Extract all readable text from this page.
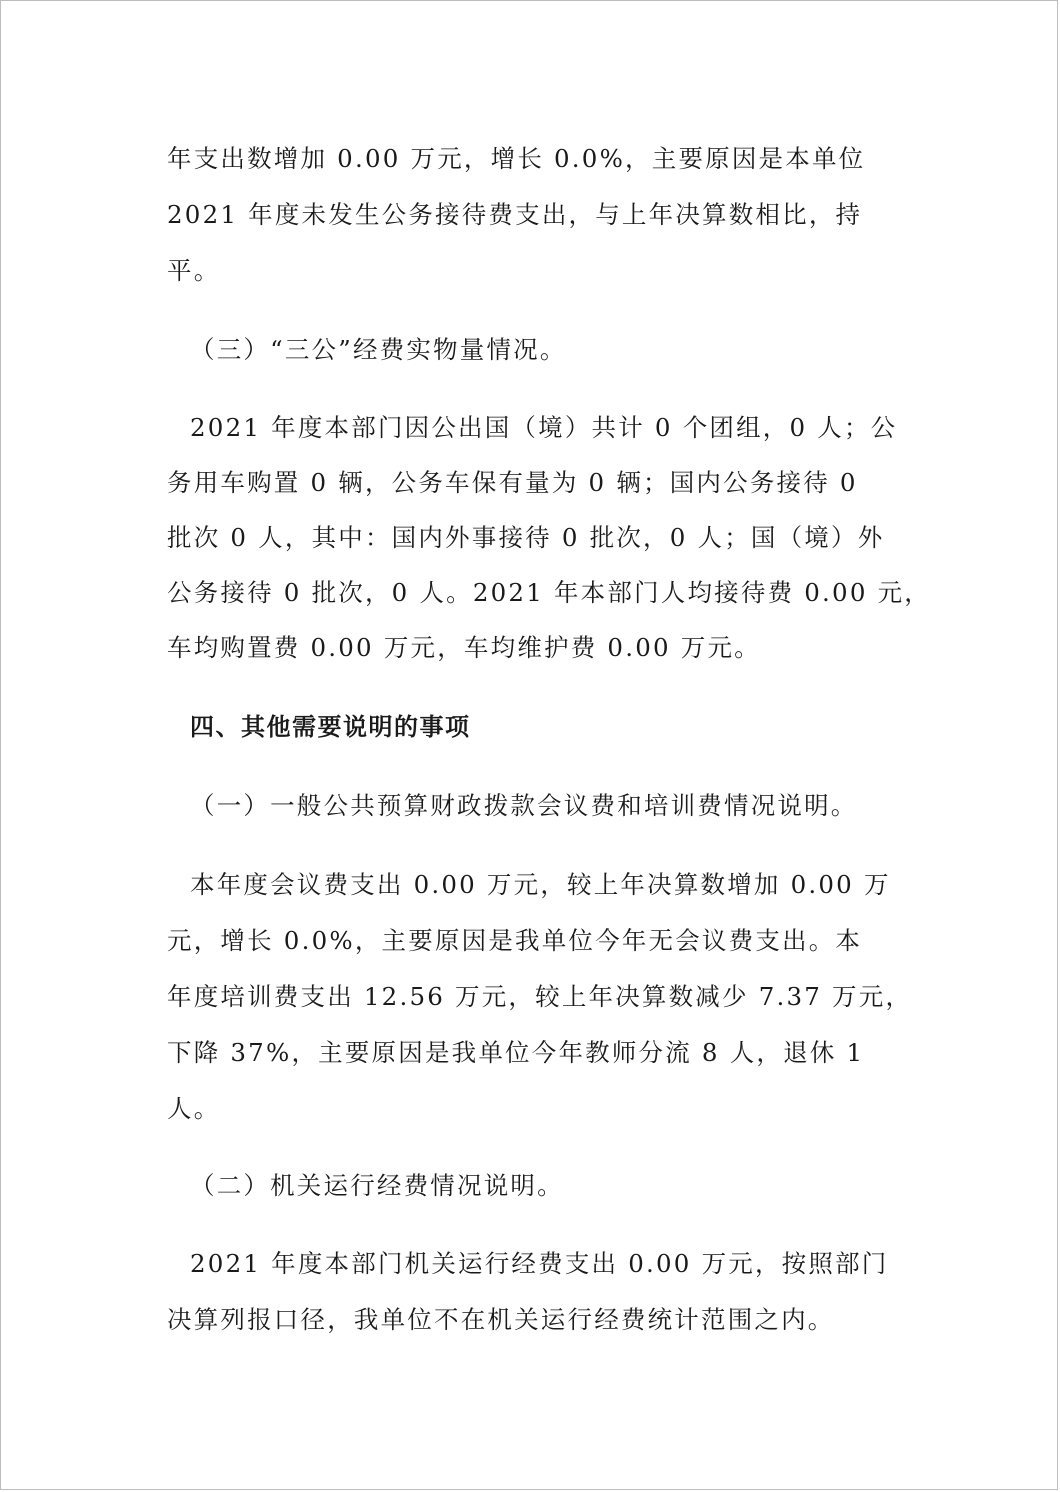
年支出数增加 0.00 万元，增长 0.0%，主要原因是本单位
2021 年度未发生公务接待费支出，与上年决算数相比，持
平。
（三）“三公”经费实物量情况。
2021 年度本部门因公出国（境）共计 0 个团组，0 人；公
务用车购置 0 辆，公务车保有量为 0 辆；国内公务接待 0
批次 0 人，其中：国内外事接待 0 批次，0 人；国（境）外
公务接待 0 批次，0 人。2021 年本部门人均接待费 0.00 元，
车均购置费 0.00 万元，车均维护费 0.00 万元。
四、其他需要说明的事项
（一）一般公共预算财政拨款会议费和培训费情况说明。
本年度会议费支出 0.00 万元，较上年决算数增加 0.00 万
元，增长 0.0%，主要原因是我单位今年无会议费支出。本
年度培训费支出 12.56 万元，较上年决算数减少 7.37 万元，
下降 37%，主要原因是我单位今年教师分流 8 人，退休 1
人。
（二）机关运行经费情况说明。
2021 年度本部门机关运行经费支出 0.00 万元，按照部门
决算列报口径，我单位不在机关运行经费统计范围之内。
